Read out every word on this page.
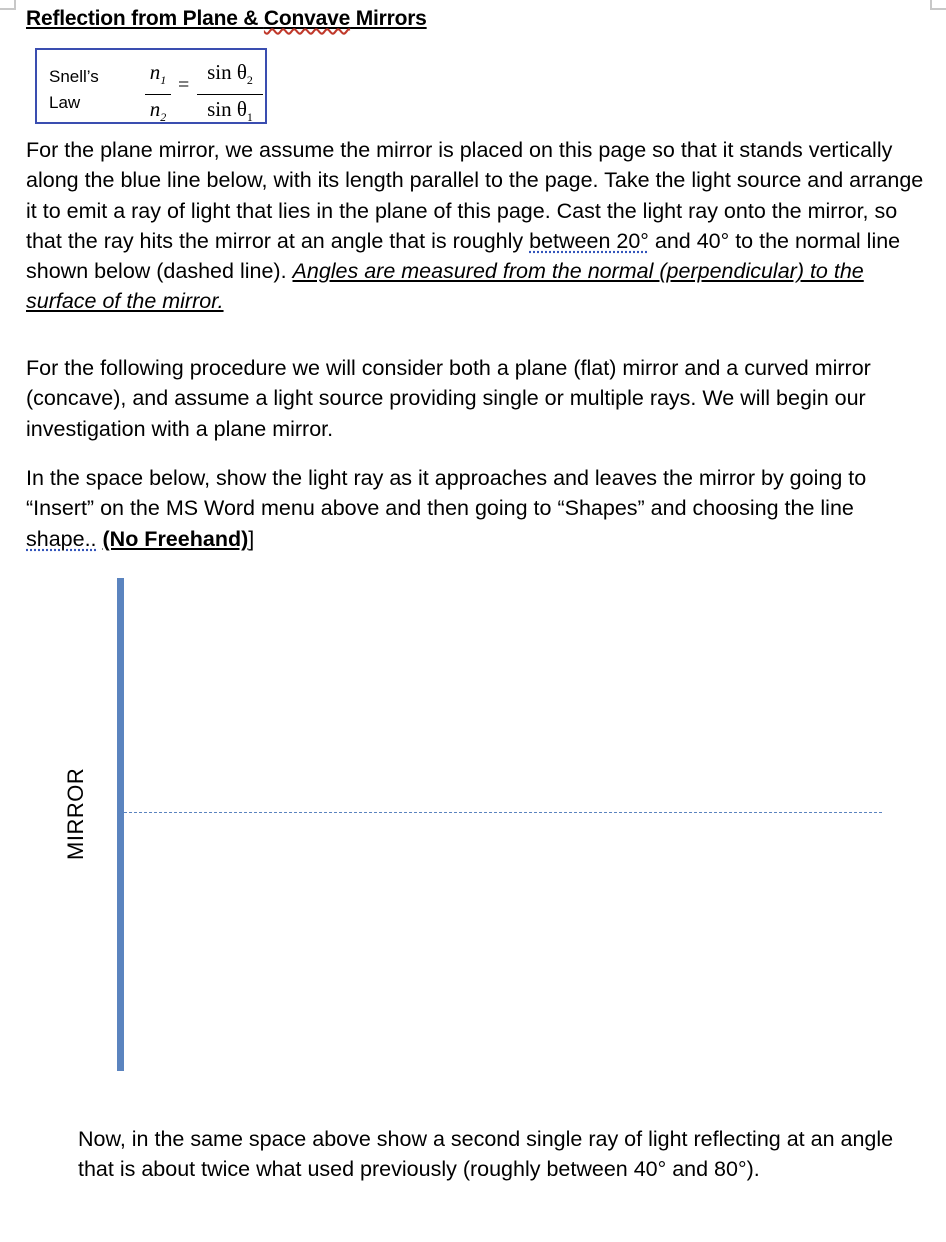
Reflection from Plane & Convave Mirrors
Snell’s
Law
$n_1$
$n_2$
=
$\sin \theta_2$
$\sin \theta_1$

For the plane mirror, we assume the mirror is placed on this page so that it stands vertically along the blue line below, with its length parallel to the page. Take the light source and arrange it to emit a ray of light that lies in the plane of this page. Cast the light ray onto the mirror, so that the ray hits the mirror at an angle that is roughly between 20° and 40° to the normal line shown below (dashed line). Angles are measured from the normal (perpendicular) to the surface of the mirror.

For the following procedure we will consider both a plane (flat) mirror and a curved mirror (concave), and assume a light source providing single or multiple rays. We will begin our investigation with a plane mirror.

In the space below, show the light ray as it approaches and leaves the mirror by going to “Insert” on the MS Word menu above and then going to “Shapes” and choosing the line shape.. (No Freehand)]

MIRROR

Now, in the same space above show a second single ray of light reflecting at an angle that is about twice what used previously (roughly between 40° and 80°).
